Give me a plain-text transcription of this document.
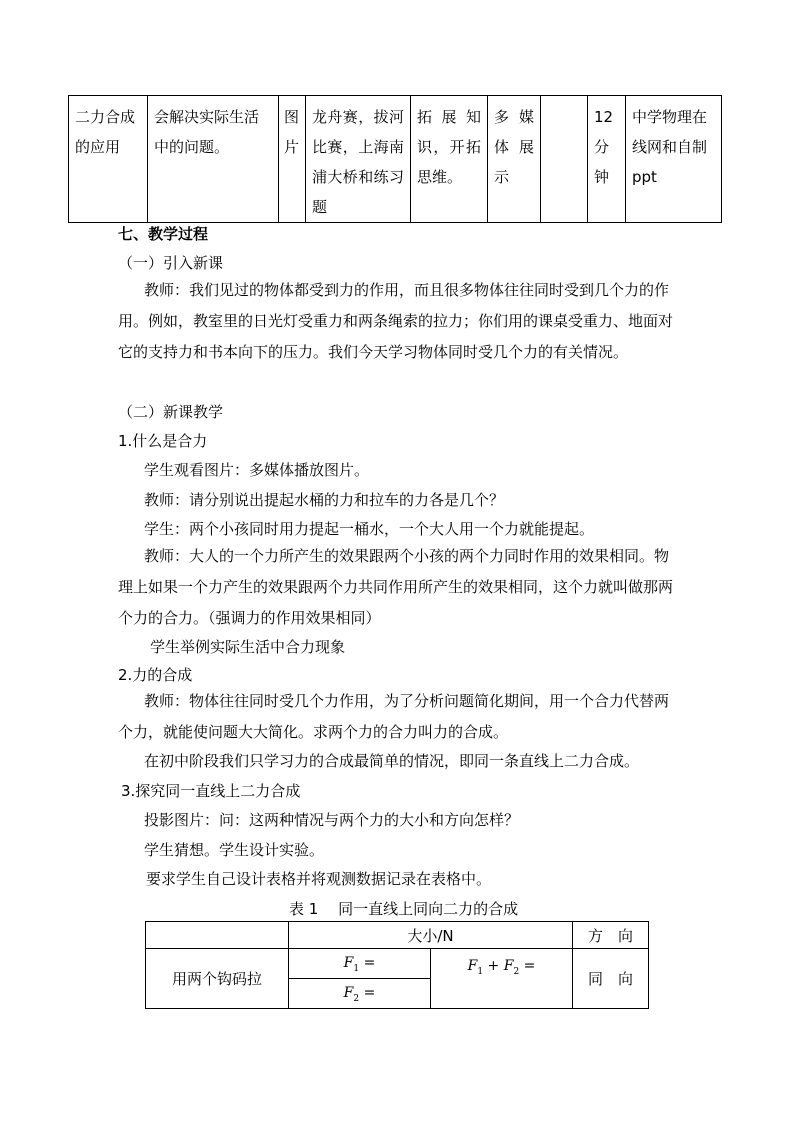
二力合成的应用	会解决实际生活中的问题。	图片	龙舟赛，拔河比赛，上海南浦大桥和练习题	拓展知识，开拓思维。	多媒体展示		12分钟	中学物理在线网和自制ppt
七、教学过程
（一）引入新课
教师：我们见过的物体都受到力的作用，而且很多物体往往同时受到几个力的作用。例如，教室里的日光灯受重力和两条绳索的拉力；你们用的课桌受重力、地面对它的支持力和书本向下的压力。我们今天学习物体同时受几个力的有关情况。
（二）新课教学
1.什么是合力
学生观看图片：多媒体播放图片。
教师：请分别说出提起水桶的力和拉车的力各是几个？
学生：两个小孩同时用力提起一桶水，一个大人用一个力就能提起。
教师：大人的一个力所产生的效果跟两个小孩的两个力同时作用的效果相同。物理上如果一个力产生的效果跟两个力共同作用所产生的效果相同，这个力就叫做那两个力的合力。（强调力的作用效果相同）
学生举例实际生活中合力现象
2.力的合成
教师：物体往往同时受几个力作用，为了分析问题简化期间，用一个合力代替两个力，就能使问题大大简化。求两个力的合力叫力的合成。
在初中阶段我们只学习力的合成最简单的情况，即同一条直线上二力合成。
3.探究同一直线上二力合成
投影图片：问：这两种情况与两个力的大小和方向怎样？
学生猜想。学生设计实验。
要求学生自己设计表格并将观测数据记录在表格中。
表 1　 同一直线上同向二力的合成
	大小/N		方　向
用两个钩码拉	$F_1$ =	$F_1 + F_2$ =	同　向
	$F_2$ =		
